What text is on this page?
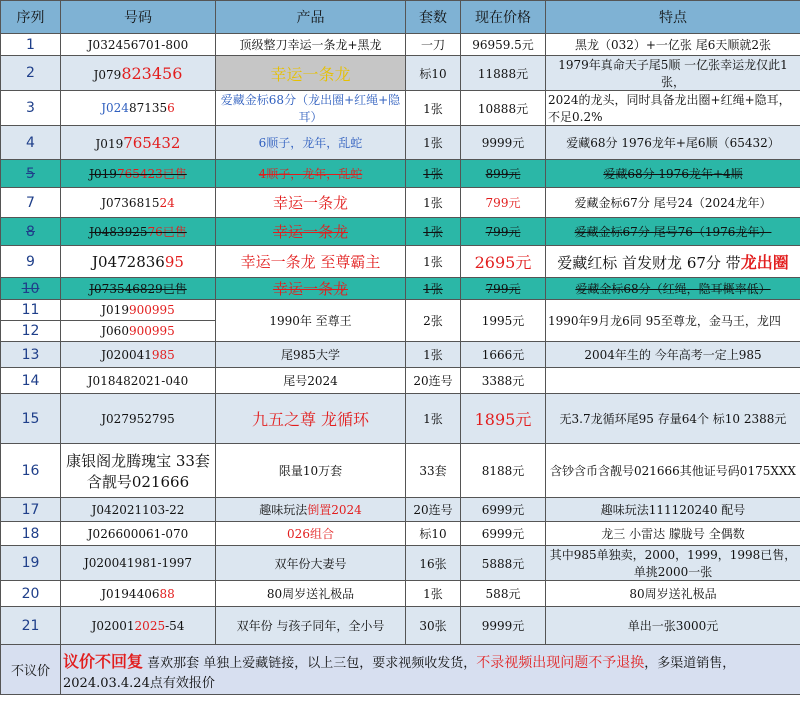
序列	号码	产品	套数	现在价格	特点
1	J032456701-800	顶级整刀幸运一条龙+黑龙	一刀	96959.5元	黑龙（032）+一亿张 尾6天顺就2张
2	J079823456	幸运一条龙	标10	11888元	1979年真命天子尾5顺 一亿张幸运龙仅此1张，
3	J024871356	爱藏金标68分（龙出圈+红绳+隐耳）	1张	10888元	2024的龙头，同时具备龙出圈+红绳+隐耳，不足0.2%
4	J019765432	6顺子，龙年，乱蛇	1张	9999元	爱藏68分 1976龙年+尾6顺（65432）
5	J019765423已售	4顺子，龙年，乱蛇	1张	899元	爱藏68分 1976龙年+4顺
7	J073681524	幸运一条龙	1张	799元	爱藏金标67分 尾号24（2024龙年）
8	J048392576已售	幸运一条龙	1张	799元	爱藏金标67分 尾号76（1976龙年）
9	J047283695	幸运一条龙 至尊霸主	1张	2695元	爱藏红标 首发财龙 67分 带龙出圈
10	J073546829已售	幸运一条龙	1张	799元	爱藏金标68分（红绳，隐耳概率低）
11	J019900995	1990年 至尊王	2张	1995元	1990年9月龙6同 95至尊龙，金马王，龙四
12	J060900995				
13	J020041985	尾985大学	1张	1666元	2004年生的 今年高考一定上985
14	J018482021-040	尾号2024	20连号	3388元	
15	J027952795	九五之尊 龙循环	1张	1895元	无3.7龙循环尾95 存量64个 标10 2388元
16	康银阁龙腾瑰宝 33套含靓号021666	限量10万套	33套	8188元	含钞含币含靓号021666其他证号码0175XXX
17	J042021103-22	趣味玩法倒置2024	20连号	6999元	趣味玩法111120240 配号
18	J026600061-070	026组合	标10	6999元	龙三 小雷达 朦胧号 全偶数
19	J020041981-1997	双年份大妻号	16张	5888元	其中985单独卖，2000，1999，1998已售，单挑2000一张
20	J019440688	80周岁送礼极品	1张	588元	80周岁送礼极品
21	J020012025-54	双年份 与孩子同年，全小号	30张	9999元	单出一张3000元
不议价	议价不回复 喜欢那套 单独上爱藏链接，以上三包，要求视频收发货，不录视频出现问题不予退换，多渠道销售， 2024.03.4.24点有效报价				
